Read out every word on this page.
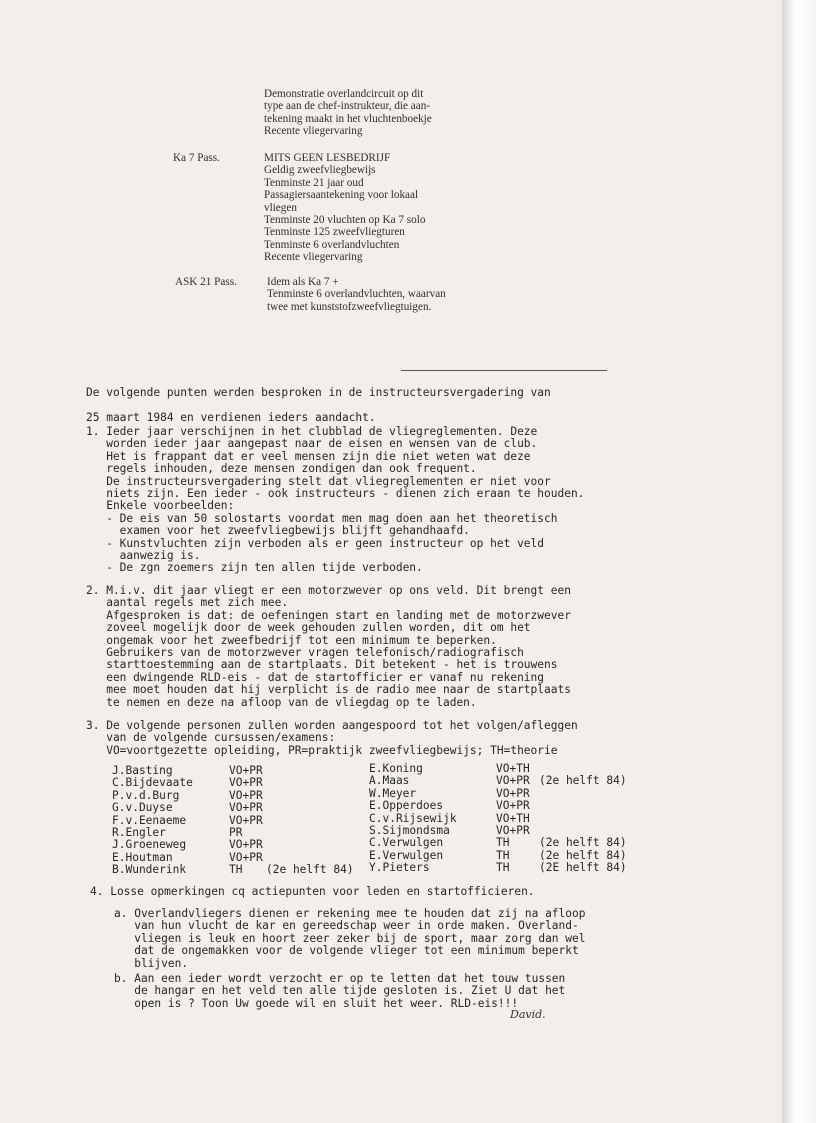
Demonstratie overlandcircuit op dit
type aan de chef-instrukteur, die aan-
tekening maakt in het vluchtenboekje
Recente vliegervaring
Ka 7 Pass.	MITS GEEN LESBEDRIJF
Geldig zweefvliegbewijs
Tenminste 21 jaar oud
Passagiersaantekening voor lokaal
vliegen
Tenminste 20 vluchten op Ka 7 solo
Tenminste 125 zweefvliegturen
Tenminste 6 overlandvluchten
Recente vliegervaring
ASK 21 Pass.	Idem als Ka 7 +
Tenminste 6 overlandvluchten, waarvan
twee met kunststofzweefvliegtuigen.
De volgende punten werden besproken in de instructeursvergadering van
25 maart 1984 en verdienen ieders aandacht.
1. Ieder jaar verschijnen in het clubblad de vliegreglementen. Deze
worden ieder jaar aangepast naar de eisen en wensen van de club.
Het is frappant dat er veel mensen zijn die niet weten wat deze
regels inhouden, deze mensen zondigen dan ook frequent.
De instructeursvergadering stelt dat vliegreglementen er niet voor
niets zijn. Een ieder - ook instructeurs - dienen zich eraan te houden.
Enkele voorbeelden:
- De eis van 50 solostarts voordat men mag doen aan het theoretisch
examen voor het zweefvliegbewijs blijft gehandhaafd.
- Kunstvluchten zijn verboden als er geen instructeur op het veld
aanwezig is.
- De zgn zoemers zijn ten allen tijde verboden.
2. M.i.v. dit jaar vliegt er een motorzwever op ons veld. Dit brengt een
aantal regels met zich mee.
Afgesproken is dat: de oefeningen start en landing met de motorzwever
zoveel mogelijk door de week gehouden zullen worden, dit om het
ongemak voor het zweefbedrijf tot een minimum te beperken.
Gebruikers van de motorzwever vragen telefonisch/radiografisch
starttoestemming aan de startplaats. Dit betekent - het is trouwens
een dwingende RLD-eis - dat de startofficier er vanaf nu rekening
mee moet houden dat hij verplicht is de radio mee naar de startplaats
te nemen en deze na afloop van de vliegdag op te laden.
3. De volgende personen zullen worden aangespoord tot het volgen/afleggen
van de volgende cursussen/examens:
VO=voortgezette opleiding, PR=praktijk zweefvliegbewijs; TH=theorie
J.Basting	VO+PR
C.Bijdevaate	VO+PR
P.v.d.Burg	VO+PR
G.v.Duyse	VO+PR
F.v.Eenaeme	VO+PR
R.Engler	PR
J.Groeneweg	VO+PR
E.Houtman	VO+PR
B.Wunderink	TH (2e helft 84)
E.Koning	VO+TH
A.Maas	VO+PR (2e helft 84)
W.Meyer	VO+PR
E.Opperdoes	VO+PR
C.v.Rijsewijk	VO+TH
S.Sijmondsma	VO+PR
C.Verwulgen	TH	(2e helft 84)
E.Verwulgen	TH	(2e helft 84)
Y.Pieters	TH	(2E helft 84)
4. Losse opmerkingen cq actiepunten voor leden en startofficieren.
a. Overlandvliegers dienen er rekening mee te houden dat zij na afloop
van hun vlucht de kar en gereedschap weer in orde maken. Overland-
vliegen is leuk en hoort zeer zeker bij de sport, maar zorg dan wel
dat de ongemakken voor de volgende vlieger tot een minimum beperkt
blijven.
b. Aan een ieder wordt verzocht er op te letten dat het touw tussen
de hangar en het veld ten alle tijde gesloten is. Ziet U dat het
open is ? Toon Uw goede wil en sluit het weer. RLD-eis!!!
David.
